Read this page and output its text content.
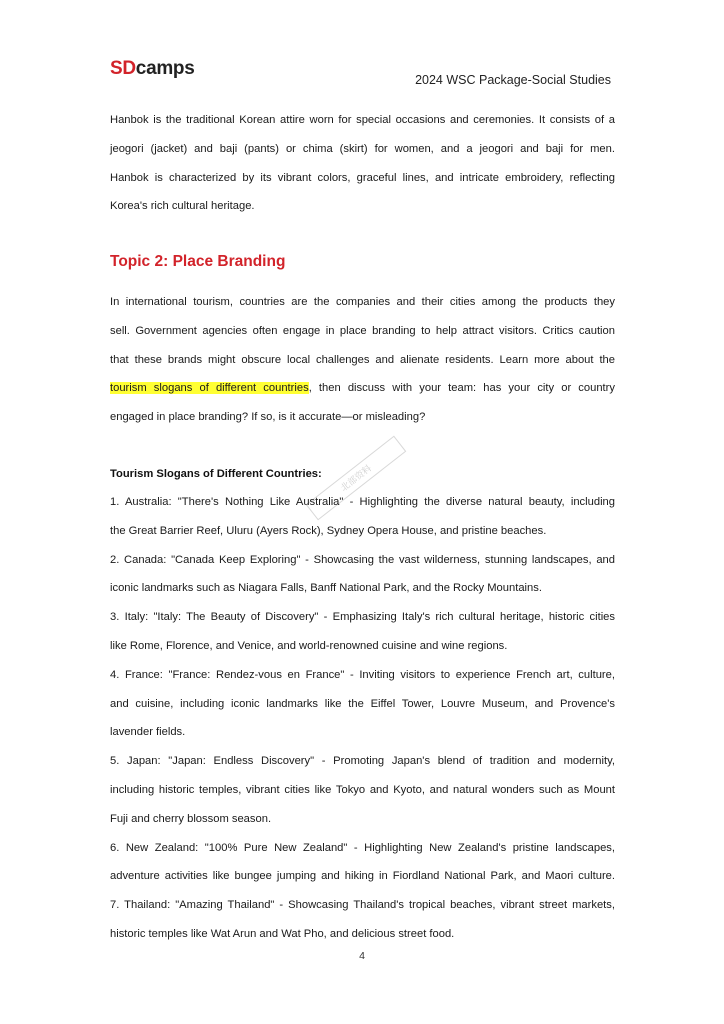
SDcamps
2024 WSC Package-Social Studies
Hanbok is the traditional Korean attire worn for special occasions and ceremonies. It consists of a
jeogori (jacket) and baji (pants) or chima (skirt) for women, and a jeogori and baji for men.
Hanbok is characterized by its vibrant colors, graceful lines, and intricate embroidery, reflecting
Korea's rich cultural heritage.
Topic 2: Place Branding
In international tourism, countries are the companies and their cities among the products they
sell. Government agencies often engage in place branding to help attract visitors. Critics caution
that these brands might obscure local challenges and alienate residents. Learn more about the
tourism slogans of different countries, then discuss with your team: has your city or country
engaged in place branding? If so, is it accurate—or misleading?
北部资料
Tourism Slogans of Different Countries:
1. Australia: "There's Nothing Like Australia" - Highlighting the diverse natural beauty, including
the Great Barrier Reef, Uluru (Ayers Rock), Sydney Opera House, and pristine beaches.
2. Canada: "Canada Keep Exploring" - Showcasing the vast wilderness, stunning landscapes, and
iconic landmarks such as Niagara Falls, Banff National Park, and the Rocky Mountains.
3. Italy: "Italy: The Beauty of Discovery" - Emphasizing Italy's rich cultural heritage, historic cities
like Rome, Florence, and Venice, and world-renowned cuisine and wine regions.
4. France: "France: Rendez-vous en France" - Inviting visitors to experience French art, culture,
and cuisine, including iconic landmarks like the Eiffel Tower, Louvre Museum, and Provence's
lavender fields.
5. Japan: "Japan: Endless Discovery" - Promoting Japan's blend of tradition and modernity,
including historic temples, vibrant cities like Tokyo and Kyoto, and natural wonders such as Mount
Fuji and cherry blossom season.
6. New Zealand: "100% Pure New Zealand" - Highlighting New Zealand's pristine landscapes,
adventure activities like bungee jumping and hiking in Fiordland National Park, and Maori culture.
7. Thailand: "Amazing Thailand" - Showcasing Thailand's tropical beaches, vibrant street markets,
historic temples like Wat Arun and Wat Pho, and delicious street food.
4
